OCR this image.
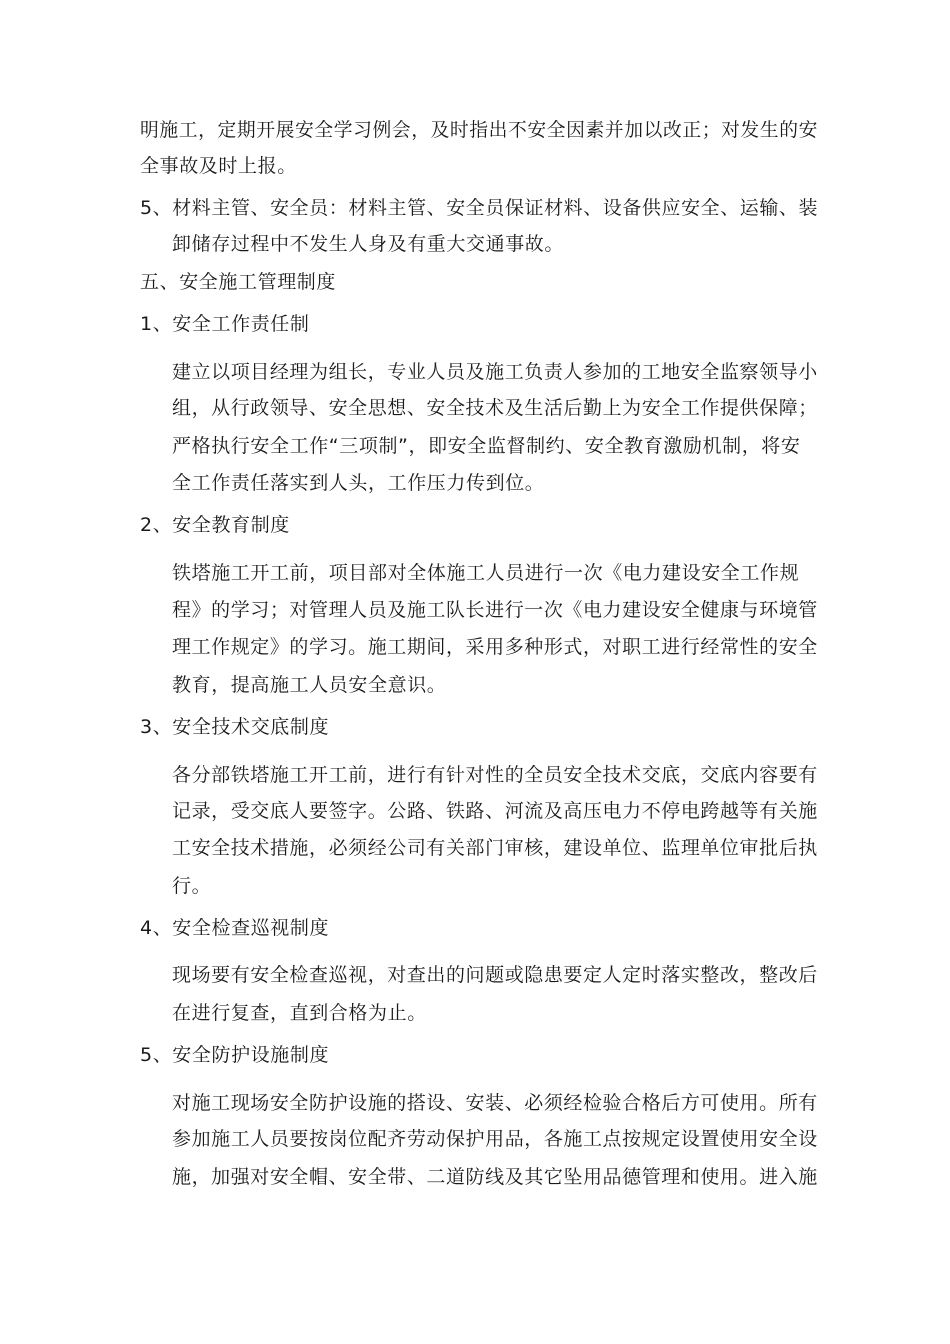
明施工，定期开展安全学习例会，及时指出不安全因素并加以改正；对发生的安
全事故及时上报。
5、材料主管、安全员：材料主管、安全员保证材料、设备供应安全、运输、装
卸储存过程中不发生人身及有重大交通事故。
五、安全施工管理制度
1、安全工作责任制
建立以项目经理为组长，专业人员及施工负责人参加的工地安全监察领导小
组，从行政领导、安全思想、安全技术及生活后勤上为安全工作提供保障；
严格执行安全工作“三项制”，即安全监督制约、安全教育激励机制，将安
全工作责任落实到人头，工作压力传到位。
2、安全教育制度
铁塔施工开工前，项目部对全体施工人员进行一次《电力建设安全工作规
程》的学习；对管理人员及施工队长进行一次《电力建设安全健康与环境管
理工作规定》的学习。施工期间，采用多种形式，对职工进行经常性的安全
教育，提高施工人员安全意识。
3、安全技术交底制度
各分部铁塔施工开工前，进行有针对性的全员安全技术交底，交底内容要有
记录，受交底人要签字。公路、铁路、河流及高压电力不停电跨越等有关施
工安全技术措施，必须经公司有关部门审核，建设单位、监理单位审批后执
行。
4、安全检查巡视制度
现场要有安全检查巡视，对查出的问题或隐患要定人定时落实整改，整改后
在进行复查，直到合格为止。
5、安全防护设施制度
对施工现场安全防护设施的搭设、安装、必须经检验合格后方可使用。所有
参加施工人员要按岗位配齐劳动保护用品，各施工点按规定设置使用安全设
施，加强对安全帽、安全带、二道防线及其它坠用品德管理和使用。进入施
